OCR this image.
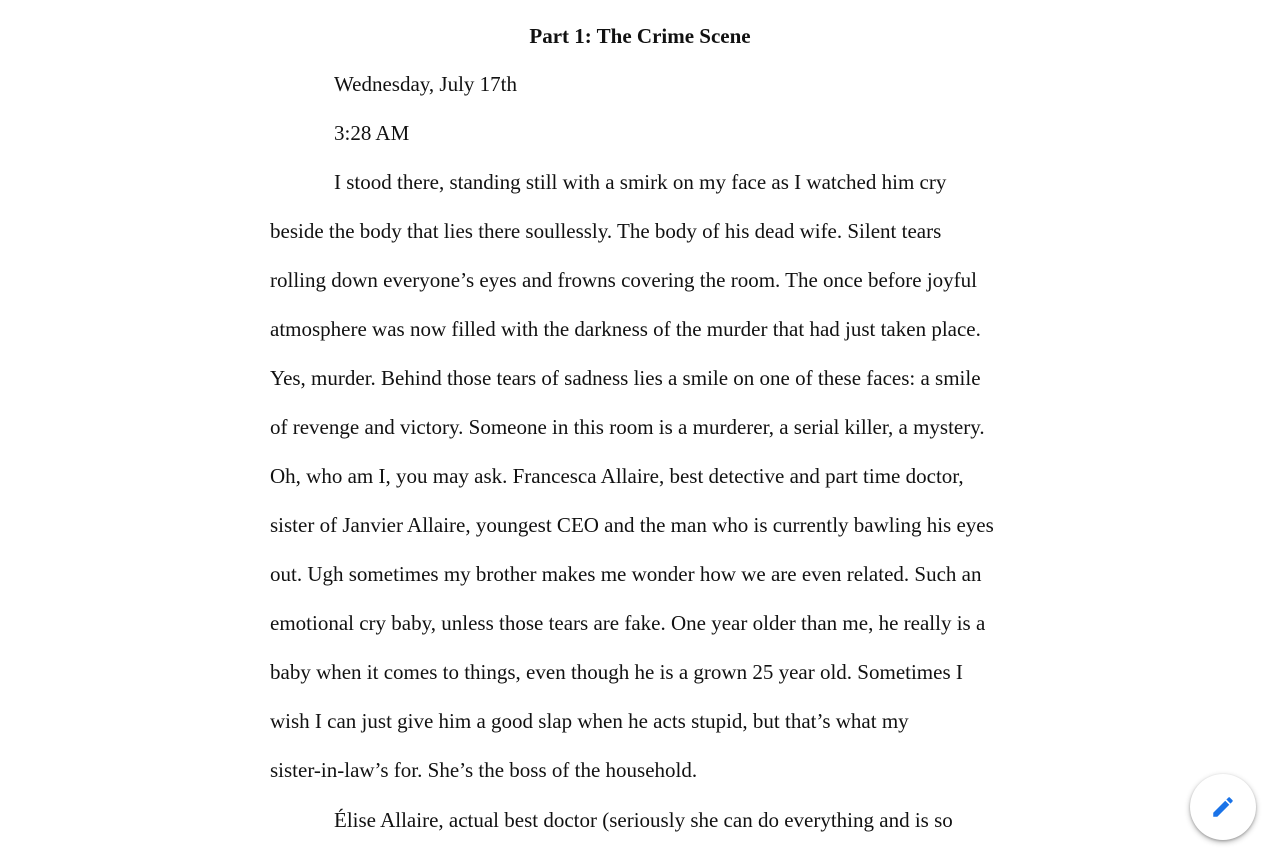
Part 1: The Crime Scene
Wednesday, July 17th
3:28 AM
I stood there, standing still with a smirk on my face as I watched him cry
beside the body that lies there soullessly. The body of his dead wife. Silent tears
rolling down everyone’s eyes and frowns covering the room. The once before joyful
atmosphere was now filled with the darkness of the murder that had just taken place.
Yes, murder. Behind those tears of sadness lies a smile on one of these faces: a smile
of revenge and victory. Someone in this room is a murderer, a serial killer, a mystery.
Oh, who am I, you may ask. Francesca Allaire, best detective and part time doctor,
sister of Janvier Allaire, youngest CEO and the man who is currently bawling his eyes
out. Ugh sometimes my brother makes me wonder how we are even related. Such an
emotional cry baby, unless those tears are fake. One year older than me, he really is a
baby when it comes to things, even though he is a grown 25 year old. Sometimes I
wish I can just give him a good slap when he acts stupid, but that’s what my
sister-in-law’s for. She’s the boss of the household.
Élise Allaire, actual best doctor (seriously she can do everything and is so
